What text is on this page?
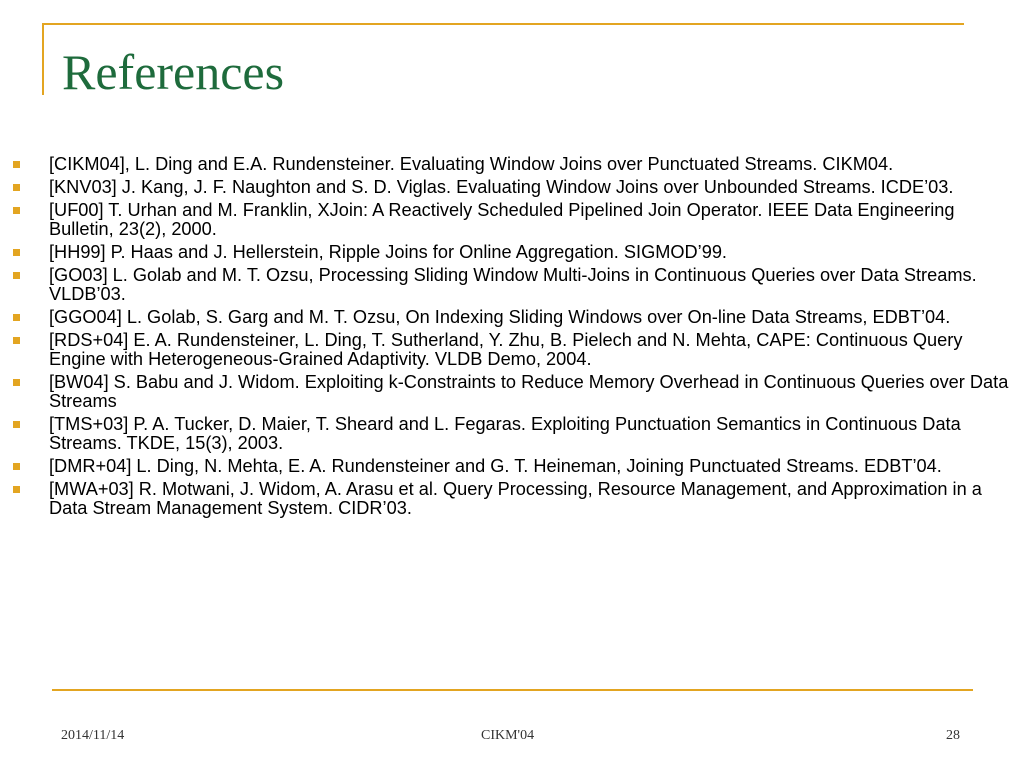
References
[CIKM04], L. Ding and E.A. Rundensteiner. Evaluating Window Joins over Punctuated Streams. CIKM04.
[KNV03] J. Kang, J. F. Naughton and S. D. Viglas. Evaluating Window Joins over Unbounded Streams. ICDE’03.
[UF00] T. Urhan and M. Franklin, XJoin: A Reactively Scheduled Pipelined Join Operator. IEEE Data Engineering Bulletin, 23(2), 2000.
[HH99] P. Haas and J. Hellerstein, Ripple Joins for Online Aggregation. SIGMOD’99.
[GO03] L. Golab and M. T. Ozsu, Processing Sliding Window Multi-Joins in Continuous Queries over Data Streams. VLDB’03.
[GGO04] L. Golab, S. Garg and M. T. Ozsu, On Indexing Sliding Windows over On-line Data Streams, EDBT’04.
[RDS+04] E. A. Rundensteiner, L. Ding, T. Sutherland, Y. Zhu, B. Pielech and N. Mehta, CAPE: Continuous Query Engine with Heterogeneous-Grained Adaptivity. VLDB Demo, 2004.
[BW04] S. Babu and J. Widom. Exploiting k-Constraints to Reduce Memory Overhead in Continuous Queries over Data Streams
[TMS+03] P. A. Tucker, D. Maier, T. Sheard and L. Fegaras. Exploiting Punctuation Semantics in Continuous Data Streams. TKDE, 15(3), 2003.
[DMR+04] L. Ding, N. Mehta, E. A. Rundensteiner and G. T. Heineman, Joining Punctuated Streams. EDBT’04.
[MWA+03] R. Motwani, J. Widom, A. Arasu et al. Query Processing, Resource Management, and Approximation in a Data Stream Management System. CIDR’03.
2014/11/14	CIKM'04	28
